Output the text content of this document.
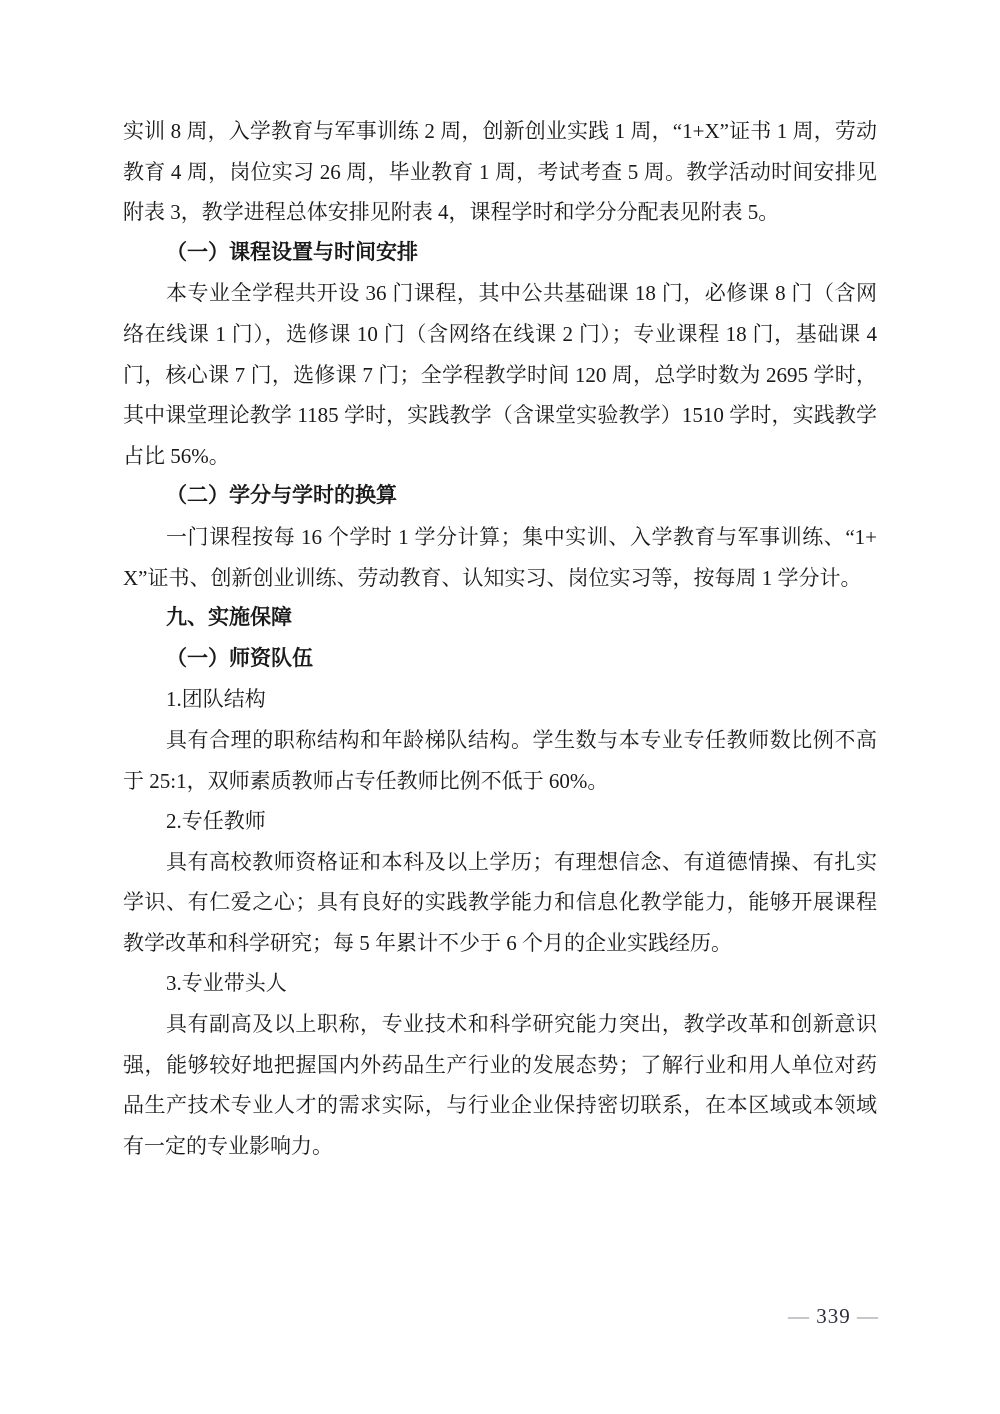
实训 8 周，入学教育与军事训练 2 周，创新创业实践 1 周，“1+X”证书 1 周，劳动教育 4 周，岗位实习 26 周，毕业教育 1 周，考试考查 5 周。教学活动时间安排见附表 3，教学进程总体安排见附表 4，课程学时和学分分配表见附表 5。

（一）课程设置与时间安排

本专业全学程共开设 36 门课程，其中公共基础课 18 门，必修课 8 门（含网络在线课 1 门），选修课 10 门（含网络在线课 2 门）；专业课程 18 门，基础课 4 门，核心课 7 门，选修课 7 门；全学程教学时间 120 周，总学时数为 2695 学时，其中课堂理论教学 1185 学时，实践教学（含课堂实验教学）1510 学时，实践教学占比 56%。

（二）学分与学时的换算

一门课程按每 16 个学时 1 学分计算；集中实训、入学教育与军事训练、“1+X”证书、创新创业训练、劳动教育、认知实习、岗位实习等，按每周 1 学分计。

九、实施保障

（一）师资队伍

1.团队结构

具有合理的职称结构和年龄梯队结构。学生数与本专业专任教师数比例不高于 25:1，双师素质教师占专任教师比例不低于 60%。

2.专任教师

具有高校教师资格证和本科及以上学历；有理想信念、有道德情操、有扎实学识、有仁爱之心；具有良好的实践教学能力和信息化教学能力，能够开展课程教学改革和科学研究；每 5 年累计不少于 6 个月的企业实践经历。

3.专业带头人

具有副高及以上职称，专业技术和科学研究能力突出，教学改革和创新意识强，能够较好地把握国内外药品生产行业的发展态势；了解行业和用人单位对药品生产技术专业人才的需求实际，与行业企业保持密切联系，在本区域或本领域有一定的专业影响力。

— 339 —
